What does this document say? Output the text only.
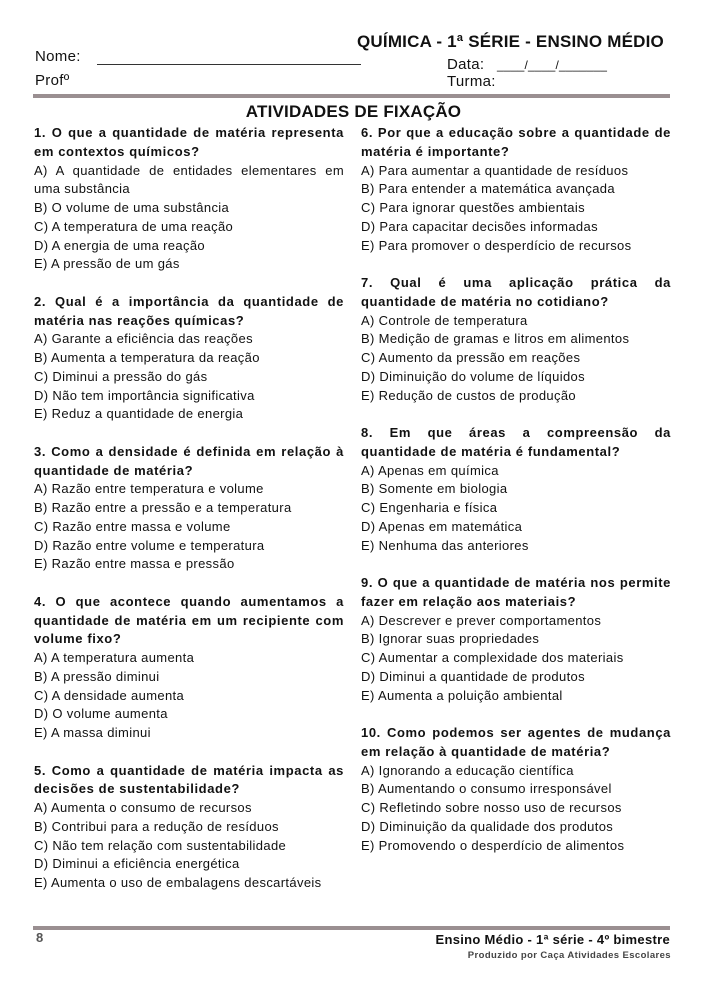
QUÍMICA - 1ª SÉRIE - ENSINO MÉDIO
Nome:	Data: ____/____/_______
Profº	Turma:
ATIVIDADES DE FIXAÇÃO
1. O que a quantidade de matéria representa em contextos químicos?
A) A quantidade de entidades elementares em uma substância
B) O volume de uma substância
C) A temperatura de uma reação
D) A energia de uma reação
E) A pressão de um gás
2. Qual é a importância da quantidade de matéria nas reações químicas?
A) Garante a eficiência das reações
B) Aumenta a temperatura da reação
C) Diminui a pressão do gás
D) Não tem importância significativa
E) Reduz a quantidade de energia
3. Como a densidade é definida em relação à quantidade de matéria?
A) Razão entre temperatura e volume
B) Razão entre a pressão e a temperatura
C) Razão entre massa e volume
D) Razão entre volume e temperatura
E) Razão entre massa e pressão
4. O que acontece quando aumentamos a quantidade de matéria em um recipiente com volume fixo?
A) A temperatura aumenta
B) A pressão diminui
C) A densidade aumenta
D) O volume aumenta
E) A massa diminui
5. Como a quantidade de matéria impacta as decisões de sustentabilidade?
A) Aumenta o consumo de recursos
B) Contribui para a redução de resíduos
C) Não tem relação com sustentabilidade
D) Diminui a eficiência energética
E) Aumenta o uso de embalagens descartáveis
6. Por que a educação sobre a quantidade de matéria é importante?
A) Para aumentar a quantidade de resíduos
B) Para entender a matemática avançada
C) Para ignorar questões ambientais
D) Para capacitar decisões informadas
E) Para promover o desperdício de recursos
7. Qual é uma aplicação prática da quantidade de matéria no cotidiano?
A) Controle de temperatura
B) Medição de gramas e litros em alimentos
C) Aumento da pressão em reações
D) Diminuição do volume de líquidos
E) Redução de custos de produção
8. Em que áreas a compreensão da quantidade de matéria é fundamental?
A) Apenas em química
B) Somente em biologia
C) Engenharia e física
D) Apenas em matemática
E) Nenhuma das anteriores
9. O que a quantidade de matéria nos permite fazer em relação aos materiais?
A) Descrever e prever comportamentos
B) Ignorar suas propriedades
C) Aumentar a complexidade dos materiais
D) Diminui a quantidade de produtos
E) Aumenta a poluição ambiental
10. Como podemos ser agentes de mudança em relação à quantidade de matéria?
A) Ignorando a educação científica
B) Aumentando o consumo irresponsável
C) Refletindo sobre nosso uso de recursos
D) Diminuição da qualidade dos produtos
E) Promovendo o desperdício de alimentos
8	Ensino Médio - 1ª série - 4º bimestre
Produzido por Caça Atividades Escolares
